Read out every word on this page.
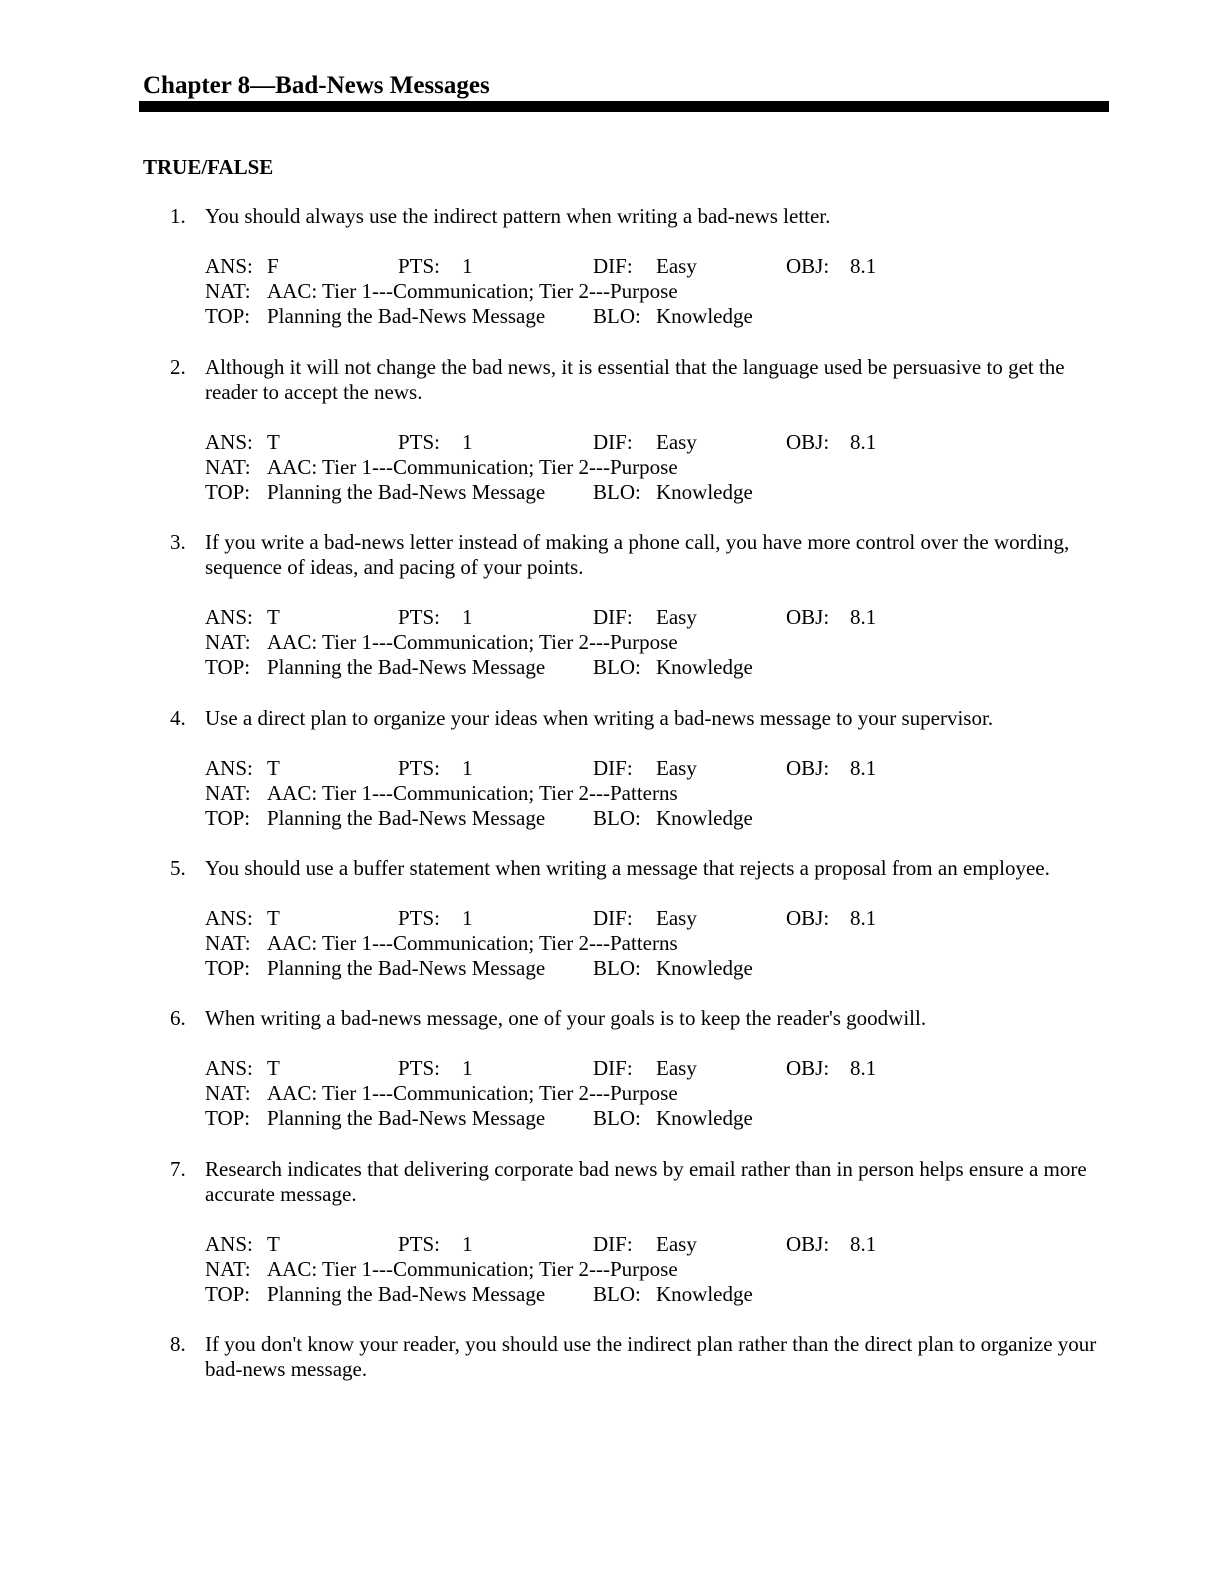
Chapter 8—Bad-News Messages
TRUE/FALSE
1. You should always use the indirect pattern when writing a bad-news letter.
ANS: F	PTS: 1	DIF: Easy	OBJ: 8.1
NAT: AAC: Tier 1---Communication; Tier 2---Purpose
TOP: Planning the Bad-News Message BLO: Knowledge
2. Although it will not change the bad news, it is essential that the language used be persuasive to get the reader to accept the news.
ANS: T	PTS: 1	DIF: Easy	OBJ: 8.1
NAT: AAC: Tier 1---Communication; Tier 2---Purpose
TOP: Planning the Bad-News Message BLO: Knowledge
3. If you write a bad-news letter instead of making a phone call, you have more control over the wording, sequence of ideas, and pacing of your points.
ANS: T	PTS: 1	DIF: Easy	OBJ: 8.1
NAT: AAC: Tier 1---Communication; Tier 2---Purpose
TOP: Planning the Bad-News Message BLO: Knowledge
4. Use a direct plan to organize your ideas when writing a bad-news message to your supervisor.
ANS: T	PTS: 1	DIF: Easy	OBJ: 8.1
NAT: AAC: Tier 1---Communication; Tier 2---Patterns
TOP: Planning the Bad-News Message BLO: Knowledge
5. You should use a buffer statement when writing a message that rejects a proposal from an employee.
ANS: T	PTS: 1	DIF: Easy	OBJ: 8.1
NAT: AAC: Tier 1---Communication; Tier 2---Patterns
TOP: Planning the Bad-News Message BLO: Knowledge
6. When writing a bad-news message, one of your goals is to keep the reader's goodwill.
ANS: T	PTS: 1	DIF: Easy	OBJ: 8.1
NAT: AAC: Tier 1---Communication; Tier 2---Purpose
TOP: Planning the Bad-News Message BLO: Knowledge
7. Research indicates that delivering corporate bad news by email rather than in person helps ensure a more accurate message.
ANS: T	PTS: 1	DIF: Easy	OBJ: 8.1
NAT: AAC: Tier 1---Communication; Tier 2---Purpose
TOP: Planning the Bad-News Message BLO: Knowledge
8. If you don't know your reader, you should use the indirect plan rather than the direct plan to organize your bad-news message.
